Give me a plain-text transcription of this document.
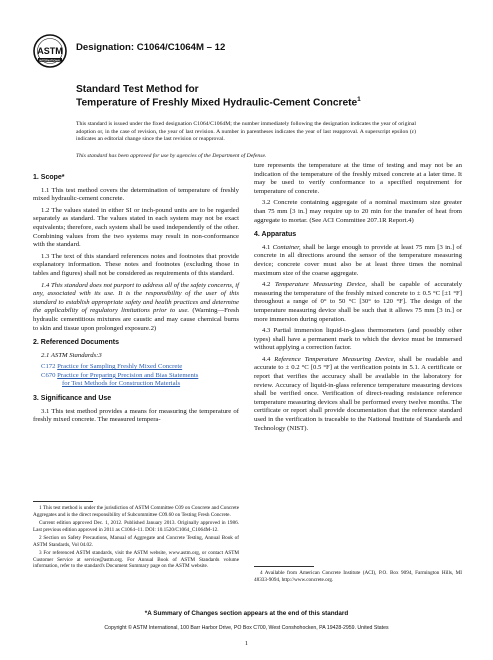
ASTM
INTERNATIONAL
Designation: C1064/C1064M – 12
Standard Test Method for
Temperature of Freshly Mixed Hydraulic-Cement Concrete$^1$
This standard is issued under the fixed designation C1064/C1064M; the number immediately following the designation indicates the year of original adoption or, in the case of revision, the year of last revision. A number in parentheses indicates the year of last reapproval. A superscript epsilon (ε) indicates an editorial change since the last revision or reapproval.
This standard has been approved for use by agencies of the Department of Defense.
1. Scope*

1.1 This test method covers the determination of temperature of freshly mixed hydraulic-cement concrete.

1.2 The values stated in either SI or inch-pound units are to be regarded separately as standard. The values stated in each system may not be exact equivalents; therefore, each system shall be used independently of the other. Combining values from the two systems may result in non-conformance with the standard.

1.3 The text of this standard references notes and footnotes that provide explanatory information. These notes and footnotes (excluding those in tables and figures) shall not be considered as requirements of this standard.

1.4 This standard does not purport to address all of the safety concerns, if any, associated with its use. It is the responsibility of the user of this standard to establish appropriate safety and health practices and determine the applicability of regulatory limitations prior to use. (Warning—Fresh hydraulic cementitious mixtures are caustic and may cause chemical burns to skin and tissue upon prolonged exposure.2)

2. Referenced Documents

2.1 ASTM Standards:3

C172 Practice for Sampling Freshly Mixed Concrete
C670 Practice for Preparing Precision and Bias Statements
for Test Methods for Construction Materials
3. Significance and Use

3.1 This test method provides a means for measuring the temperature of freshly mixed concrete. The measured tempera-

ture represents the temperature at the time of testing and may not be an indication of the temperature of the freshly mixed concrete at a later time. It may be used to verify conformance to a specified requirement for temperature of concrete.

3.2 Concrete containing aggregate of a nominal maximum size greater than 75 mm [3 in.] may require up to 20 min for the transfer of heat from aggregate to mortar. (See ACI Committee 207.1R Report.4)

4. Apparatus

4.1 Container, shall be large enough to provide at least 75 mm [3 in.] of concrete in all directions around the sensor of the temperature measuring device; concrete cover must also be at least three times the nominal maximum size of the coarse aggregate.

4.2 Temperature Measuring Device, shall be capable of accurately measuring the temperature of the freshly mixed concrete to ± 0.5 °C [±1 °F] throughout a range of 0° to 50 °C [30° to 120 °F]. The design of the temperature measuring device shall be such that it allows 75 mm [3 in.] or more immersion during operation.

4.3 Partial immersion liquid-in-glass thermometers (and possibly other types) shall have a permanent mark to which the device must be immersed without applying a correction factor.

4.4 Reference Temperature Measuring Device, shall be readable and accurate to ± 0.2 °C [0.5 °F] at the verification points in 5.1. A certificate or report that verifies the accuracy shall be available in the laboratory for review. Accuracy of liquid-in-glass reference temperature measuring devices shall be verified once. Verification of direct-reading resistance reference temperature measuring devices shall be performed every twelve months. The certificate or report shall provide documentation that the reference standard used in the verification is traceable to the National Institute of Standards and Technology (NIST).

1 This test method is under the jurisdiction of ASTM Committee C09 on Concrete and Concrete Aggregates and is the direct responsibility of Subcommittee C09.60 on Testing Fresh Concrete.

Current edition approved Dec. 1, 2012. Published January 2013. Originally approved in 1986. Last previous edition approved in 2011 as C1064–11. DOI: 10.1520/C1064_C1064M-12.

2 Section on Safety Precautions, Manual of Aggregate and Concrete Testing, Annual Book of ASTM Standards, Vol 04.02.

3 For referenced ASTM standards, visit the ASTM website, www.astm.org, or contact ASTM Customer Service at service@astm.org. For Annual Book of ASTM Standards volume information, refer to the standard's Document Summary page on the ASTM website.

4 Available from American Concrete Institute (ACI), P.O. Box 9094, Farmington Hills, MI 48333-9094, http://www.concrete.org.

*A Summary of Changes section appears at the end of this standard
Copyright © ASTM International, 100 Barr Harbor Drive, PO Box C700, West Conshohocken, PA 19428-2959. United States
1
